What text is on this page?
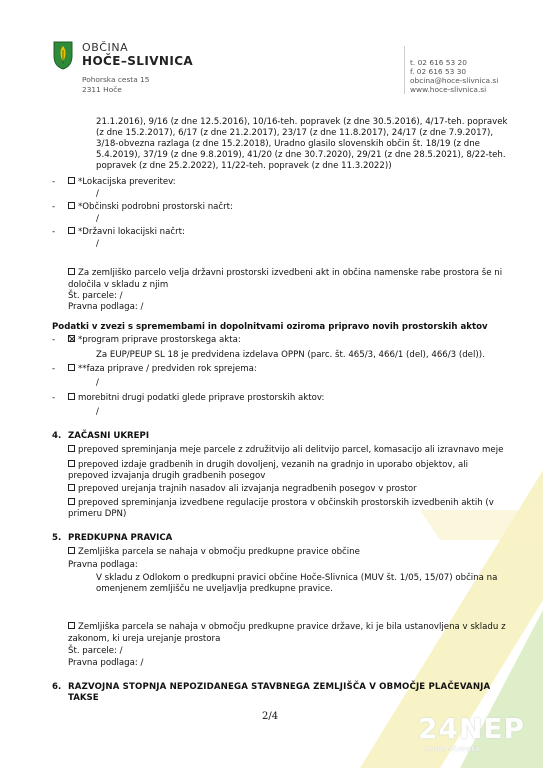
OBČINA
HOČE–SLIVNICA
Pohorska cesta 15
2311 Hoče
t. 02 616 53 20
f. 02 616 53 30
obcina@hoce-slivnica.si
www.hoce-slivnica.si
21.1.2016), 9/16 (z dne 12.5.2016), 10/16-teh. popravek (z dne 30.5.2016), 4/17-teh. popravek
(z dne 15.2.2017), 6/17 (z dne 21.2.2017), 23/17 (z dne 11.8.2017), 24/17 (z dne 7.9.2017),
3/18-obvezna razlaga (z dne 15.2.2018), Uradno glasilo slovenskih občin št. 18/19 (z dne
5.4.2019), 37/19 (z dne 9.8.2019), 41/20 (z dne 30.7.2020), 29/21 (z dne 28.5.2021), 8/22-teh.
popravek (z dne 25.2.2022), 11/22-teh. popravek (z dne 11.3.2022))
-	*Lokacijska preveritev:
/
-	*Občinski podrobni prostorski načrt:
/
-	*Državni lokacijski načrt:
/
Za zemljiško parcelo velja državni prostorski izvedbeni akt in občina namenske rabe prostora še ni
določila v skladu z njim
Št. parcele: /
Pravna podlaga: /
Podatki v zvezi s spremembami in dopolnitvami oziroma pripravo novih prostorskih aktov
-	*program priprave prostorskega akta:
Za EUP/PEUP SL 18 je predvidena izdelava OPPN (parc. št. 465/3, 466/1 (del), 466/3 (del)).
-	**faza priprave / predviden rok sprejema:
/
-	morebitni drugi podatki glede priprave prostorskih aktov:
/
4. ZAČASNI UKREPI
prepoved spreminjanja meje parcele z združitvijo ali delitvijo parcel, komasacijo ali izravnavo meje
prepoved izdaje gradbenih in drugih dovoljenj, vezanih na gradnjo in uporabo objektov, ali
prepoved izvajanja drugih gradbenih posegov
prepoved urejanja trajnih nasadov ali izvajanja negradbenih posegov v prostor
prepoved spreminjanja izvedbene regulacije prostora v občinskih prostorskih izvedbenih aktih (v
primeru DPN)
5. PREDKUPNA PRAVICA
Zemljiška parcela se nahaja v območju predkupne pravice občine
Pravna podlaga:
V skladu z Odlokom o predkupni pravici občine Hoče-Slivnica (MUV št. 1/05, 15/07) občina na
omenjenem zemljišču ne uveljavlja predkupne pravice.
Zemljiška parcela se nahaja v območju predkupne pravice države, ki je bila ustanovljena v skladu z
zakonom, ki ureja urejanje prostora
Št. parcele: /
Pravna podlaga: /
6. RAZVOJNA STOPNJA NEPOZIDANEGA STAVBNEGA ZEMLJIŠČA V OBMOČJE PLAČEVANJA
TAKSE
2/4	24NEP
nepremičninska
